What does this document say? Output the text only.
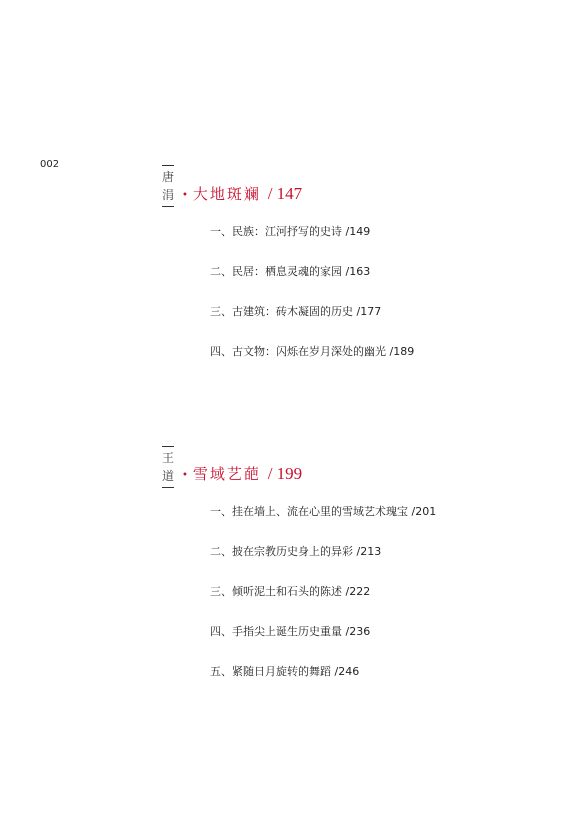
002
唐
涓 • 大地斑斓 / 147
一、民族：江河抒写的史诗 /149
二、民居：栖息灵魂的家园 /163
三、古建筑：砖木凝固的历史 /177
四、古文物：闪烁在岁月深处的幽光 /189
王
道 • 雪域艺葩 / 199
一、挂在墙上、流在心里的雪域艺术瑰宝 /201
二、披在宗教历史身上的异彩 /213
三、倾听泥土和石头的陈述 /222
四、手指尖上诞生历史重量 /236
五、紧随日月旋转的舞蹈 /246
